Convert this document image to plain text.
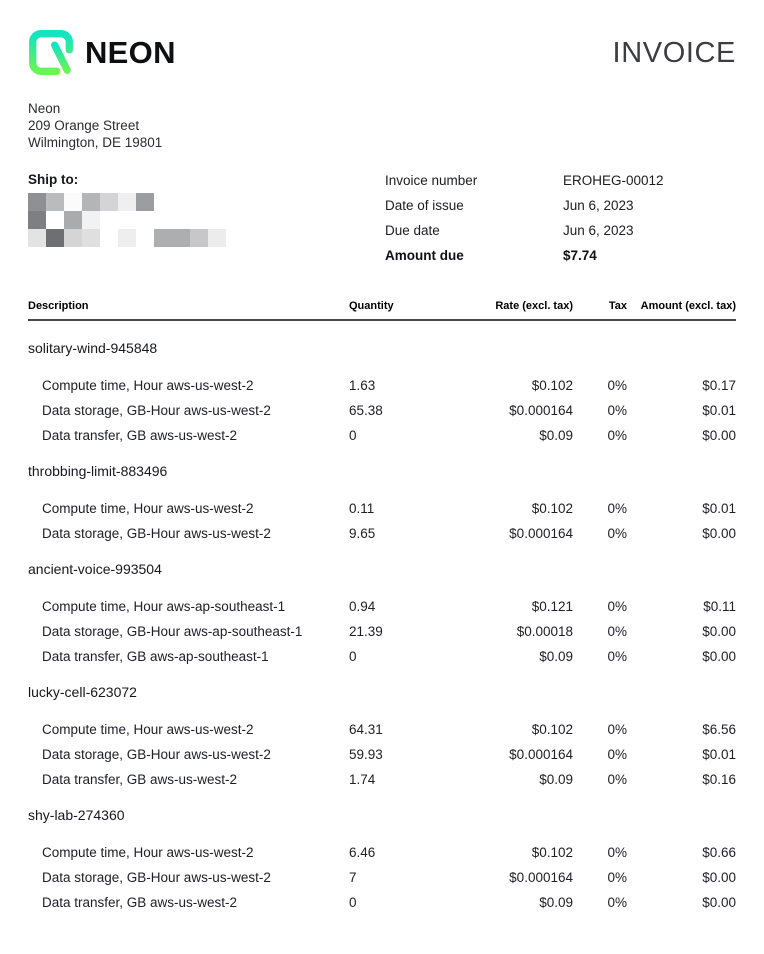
NEON	INVOICE
Neon
209 Orange Street
Wilmington, DE 19801
Ship to:	Invoice number	EROHEG-00012
Date of issue	Jun 6, 2023
Due date	Jun 6, 2023
Amount due	$7.74
Description	Quantity	Rate (excl. tax)	Tax	Amount (excl. tax)
solitary-wind-945848
Compute time, Hour aws-us-west-2	1.63	$0.102	0%	$0.17
Data storage, GB-Hour aws-us-west-2	65.38	$0.000164	0%	$0.01
Data transfer, GB aws-us-west-2	0	$0.09	0%	$0.00
throbbing-limit-883496
Compute time, Hour aws-us-west-2	0.11	$0.102	0%	$0.01
Data storage, GB-Hour aws-us-west-2	9.65	$0.000164	0%	$0.00
ancient-voice-993504
Compute time, Hour aws-ap-southeast-1	0.94	$0.121	0%	$0.11
Data storage, GB-Hour aws-ap-southeast-1	21.39	$0.00018	0%	$0.00
Data transfer, GB aws-ap-southeast-1	0	$0.09	0%	$0.00
lucky-cell-623072
Compute time, Hour aws-us-west-2	64.31	$0.102	0%	$6.56
Data storage, GB-Hour aws-us-west-2	59.93	$0.000164	0%	$0.01
Data transfer, GB aws-us-west-2	1.74	$0.09	0%	$0.16
shy-lab-274360
Compute time, Hour aws-us-west-2	6.46	$0.102	0%	$0.66
Data storage, GB-Hour aws-us-west-2	7	$0.000164	0%	$0.00
Data transfer, GB aws-us-west-2	0	$0.09	0%	$0.00
